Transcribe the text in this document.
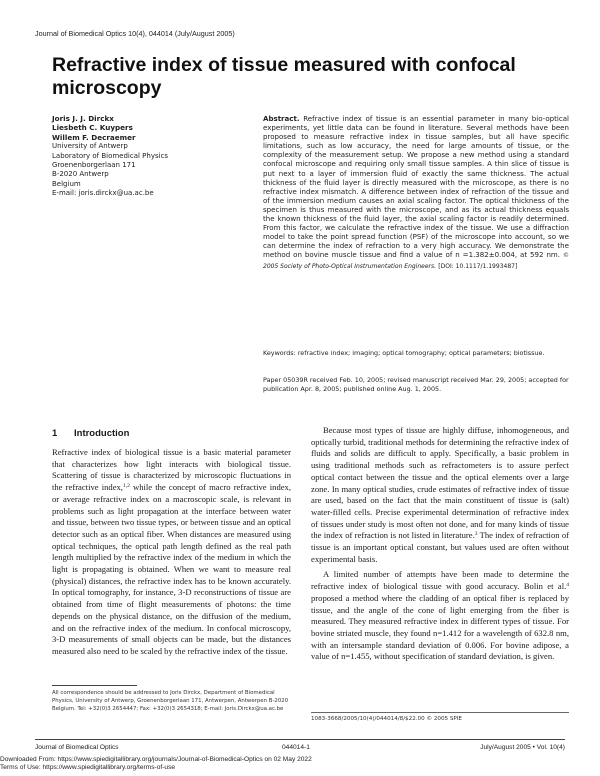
Journal of Biomedical Optics 10(4), 044014 (July/August 2005)
Refractive index of tissue measured with confocal microscopy
Joris J. J. Dirckx
Liesbeth C. Kuypers
Willem F. Decraemer
University of Antwerp
Laboratory of Biomedical Physics
Groenenborgerlaan 171
B-2020 Antwerp
Belgium
E-mail: joris.dirckx@ua.ac.be
Abstract. Refractive index of tissue is an essential parameter in many bio-optical experiments, yet little data can be found in literature. Several methods have been proposed to measure refractive index in tissue samples, but all have specific limitations, such as low accuracy, the need for large amounts of tissue, or the complexity of the measurement setup. We propose a new method using a standard confocal microscope and requiring only small tissue samples. A thin slice of tissue is put next to a layer of immersion fluid of exactly the same thickness. The actual thickness of the fluid layer is directly measured with the microscope, as there is no refractive index mismatch. A difference between index of refraction of the tissue and of the immersion medium causes an axial scaling factor. The optical thickness of the specimen is thus measured with the microscope, and as its actual thickness equals the known thickness of the fluid layer, the axial scaling factor is readily determined. From this factor, we calculate the refractive index of the tissue. We use a diffraction model to take the point spread function (PSF) of the microscope into account, so we can determine the index of refraction to a very high accuracy. We demonstrate the method on bovine muscle tissue and find a value of n =1.382±0.004, at 592 nm. © 2005 Society of Photo-Optical Instrumentation Engineers. [DOI: 10.1117/1.1993487]
Keywords: refractive index; imaging; optical tomography; optical parameters; biotissue.
Paper 05039R received Feb. 10, 2005; revised manuscript received Mar. 29, 2005; accepted for publication Apr. 8, 2005; published online Aug. 1, 2005.
1 Introduction

Refractive index of biological tissue is a basic material parameter that characterizes how light interacts with biological tissue. Scattering of tissue is characterized by microscopic fluctuations in the refractive index,$^{1,2}$ while the concept of macro refractive index, or average refractive index on a macroscopic scale, is relevant in problems such as light propagation at the interface between water and tissue, between two tissue types, or between tissue and an optical detector such as an optical fiber. When distances are measured using optical techniques, the optical path length defined as the real path length multiplied by the refractive index of the medium in which the light is propagating is obtained. When we want to measure real (physical) distances, the refractive index has to be known accurately. In optical tomography, for instance, 3-D reconstructions of tissue are obtained from time of flight measurements of photons: the time depends on the physical distance, on the diffusion of the medium, and on the refractive index of the medium. In confocal microscopy, 3-D measurements of small objects can be made, but the distances measured also need to be scaled by the refractive index of the tissue.

Because most types of tissue are highly diffuse, inhomogeneous, and optically turbid, traditional methods for determining the refractive index of fluids and solids are difficult to apply. Specifically, a basic problem in using traditional methods such as refractometers is to assure perfect optical contact between the tissue and the optical elements over a large zone. In many optical studies, crude estimates of refractive index of tissue are used, based on the fact that the main constituent of tissue is (salt) water-filled cells. Precise experimental determination of refractive index of tissues under study is most often not done, and for many kinds of tissue the index of refraction is not listed in literature.$^3$ The index of refraction of tissue is an important optical constant, but values used are often without experimental basis.

A limited number of attempts have been made to determine the refractive index of biological tissue with good accuracy. Bolin et al.$^4$ proposed a method where the cladding of an optical fiber is replaced by tissue, and the angle of the cone of light emerging from the fiber is measured. They measured refractive index in different types of tissue. For bovine striated muscle, they found n=1.412 for a wavelength of 632.8 nm, with an intersample standard deviation of 0.006. For bovine adipose, a value of n=1.455, without specification of standard deviation, is given.

All correspondence should be addressed to Joris Dirckx, Department of Biomedical Physics, University of Antwerp, Groenenborgerlaan 171, Antwerpen, Antwerpen B-2020 Belgium. Tel: +32(0)3 2654447; Fax: +32(0)3 2654318; E-mail: Joris.Dirckx@ua.ac.be
1083-3668/2005/10(4)/044014/8/$22.00 © 2005 SPIE
Journal of Biomedical Optics	044014-1	July/August 2005 • Vol. 10(4)
Downloaded From: https://www.spiedigitallibrary.org/journals/Journal-of-Biomedical-Optics on 02 May 2022
Terms of Use: https://www.spiedigitallibrary.org/terms-of-use
